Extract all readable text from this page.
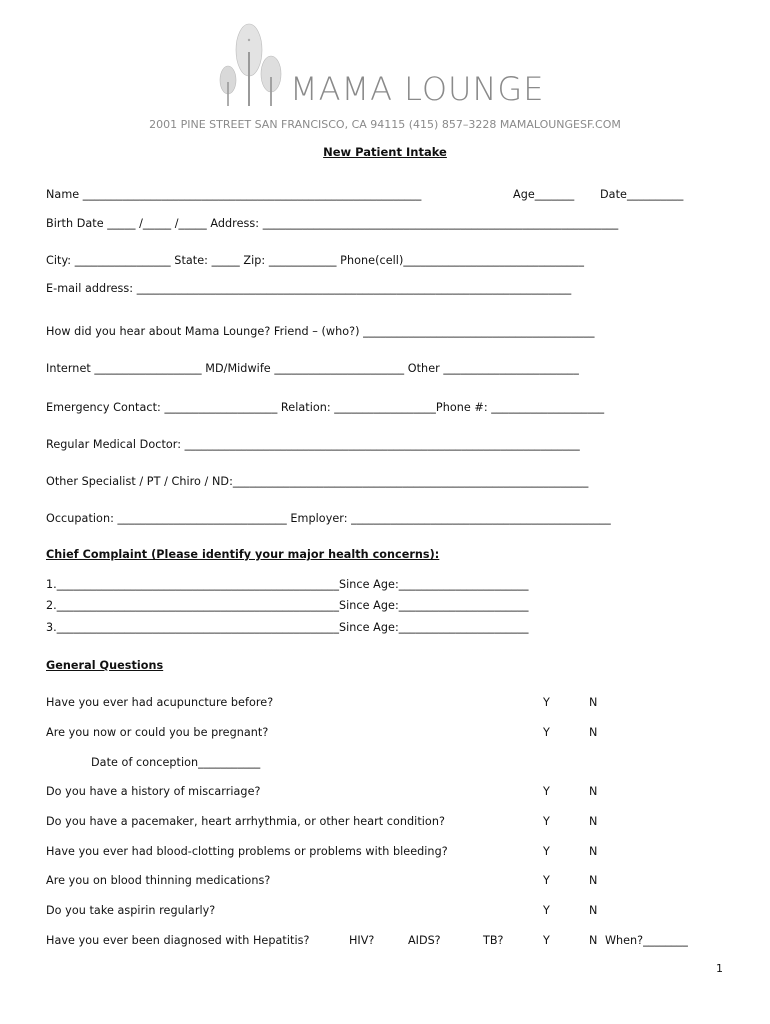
MAMA LOUNGE
2001 PINE STREET SAN FRANCISCO, CA 94115 (415) 857–3228 MAMALOUNGESF.COM
New Patient Intake
Name ____________________________________________________________	Age_______ Date__________
Birth Date _____ /_____ /_____ Address: _______________________________________________________________
City: _________________ State: _____ Zip: ____________ Phone(cell)________________________________
E-mail address: _____________________________________________________________________________
How did you hear about Mama Lounge? Friend – (who?) _________________________________________
Internet ___________________ MD/Midwife _______________________ Other ________________________
Emergency Contact: ____________________ Relation: __________________Phone #: ____________________
Regular Medical Doctor: ______________________________________________________________________
Other Specialist / PT / Chiro / ND:_______________________________________________________________
Occupation: ______________________________ Employer: ______________________________________________
Chief Complaint (Please identify your major health concerns):
1.__________________________________________________Since Age:_______________________
2.__________________________________________________Since Age:_______________________
3.__________________________________________________Since Age:_______________________
General Questions
Have you ever had acupuncture before?	Y	N
Are you now or could you be pregnant?	Y	N
Date of conception___________
Do you have a history of miscarriage?	Y	N
Do you have a pacemaker, heart arrhythmia, or other heart condition?	Y	N
Have you ever had blood-clotting problems or problems with bleeding?	Y	N
Are you on blood thinning medications?	Y	N
Do you take aspirin regularly?	Y	N
Have you ever been diagnosed with Hepatitis?	HIV?	AIDS?	TB?	Y	N When?________
1
